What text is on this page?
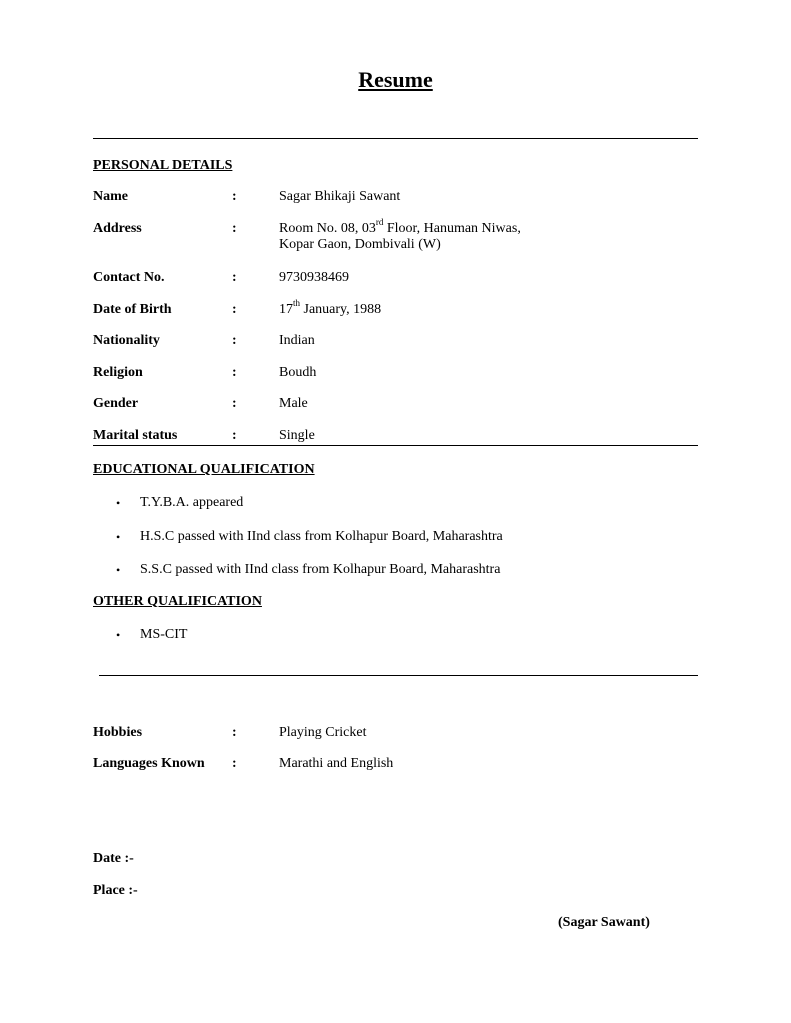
Resume
PERSONAL DETAILS
Name	:	Sagar Bhikaji Sawant
Address	:	Room No. 08, 03rd Floor, Hanuman Niwas,
Kopar Gaon, Dombivali (W)
Contact No.	:	9730938469
Date of Birth	:	17th January, 1988
Nationality	:	Indian
Religion	:	Boudh
Gender	:	Male
Marital status	:	Single
EDUCATIONAL QUALIFICATION
• T.Y.B.A. appeared
• H.S.C passed with IInd class from Kolhapur Board, Maharashtra
• S.S.C passed with IInd class from Kolhapur Board, Maharashtra
OTHER QUALIFICATION
• MS-CIT
Hobbies	:	Playing Cricket
Languages Known :	Marathi and English
Date :-
Place :-
(Sagar Sawant)
